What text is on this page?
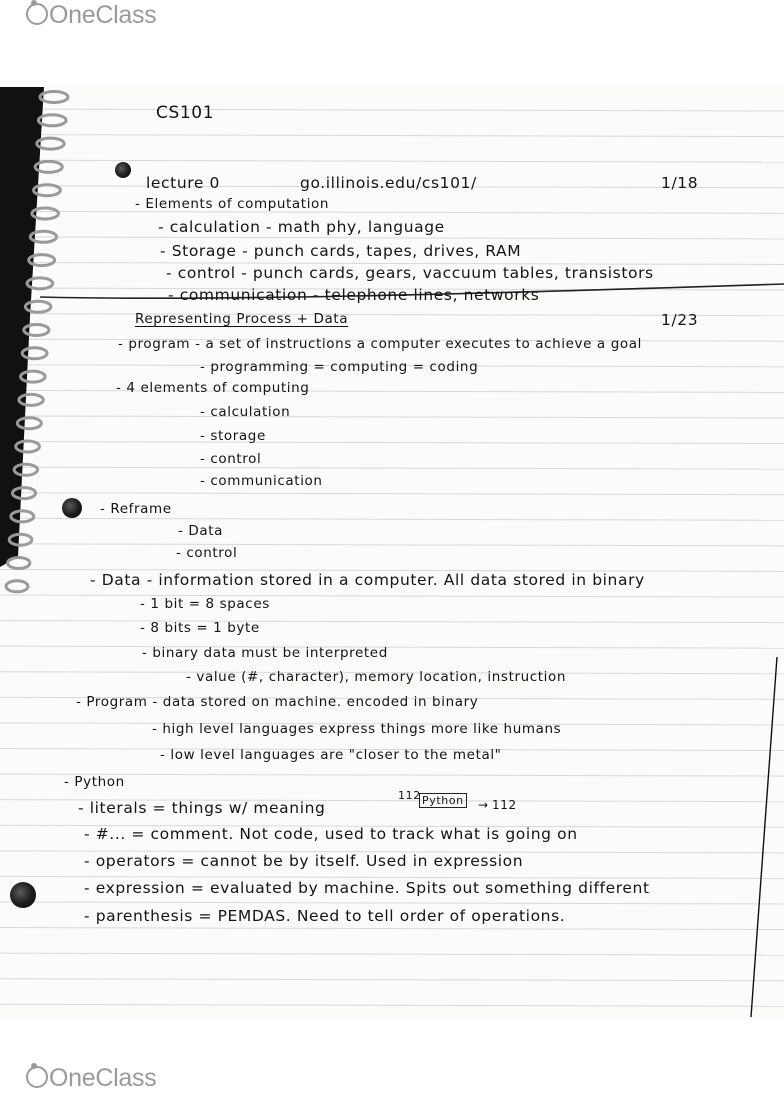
OneClass
CS101
lecture 0	go.illinois.edu/cs101/	1/18
- Elements of computation
- calculation - math phy, language
- Storage - punch cards, tapes, drives, RAM
- control - punch cards, gears, vaccuum tables, transistors
- communication - telephone lines, networks
Representing Process + Data	1/23
- program - a set of instructions a computer executes to achieve a goal
- programming = computing = coding
- 4 elements of computing
- calculation
- storage
- control
- communication
- Reframe
- Data
- control
- Data - information stored in a computer. All data stored in binary
- 1 bit = 8 spaces
- 8 bits = 1 byte
- binary data must be interpreted
- value (#, character), memory location, instruction
- Program - data stored on machine. encoded in binary
- high level languages express things more like humans
- low level languages are "closer to the metal"
- Python
- literals = things w/ meaning
112 Python → 112
- #... = comment. Not code, used to track what is going on
- operators = cannot be by itself. Used in expression
- expression = evaluated by machine. Spits out something different
- parenthesis = PEMDAS. Need to tell order of operations.
OneClass
